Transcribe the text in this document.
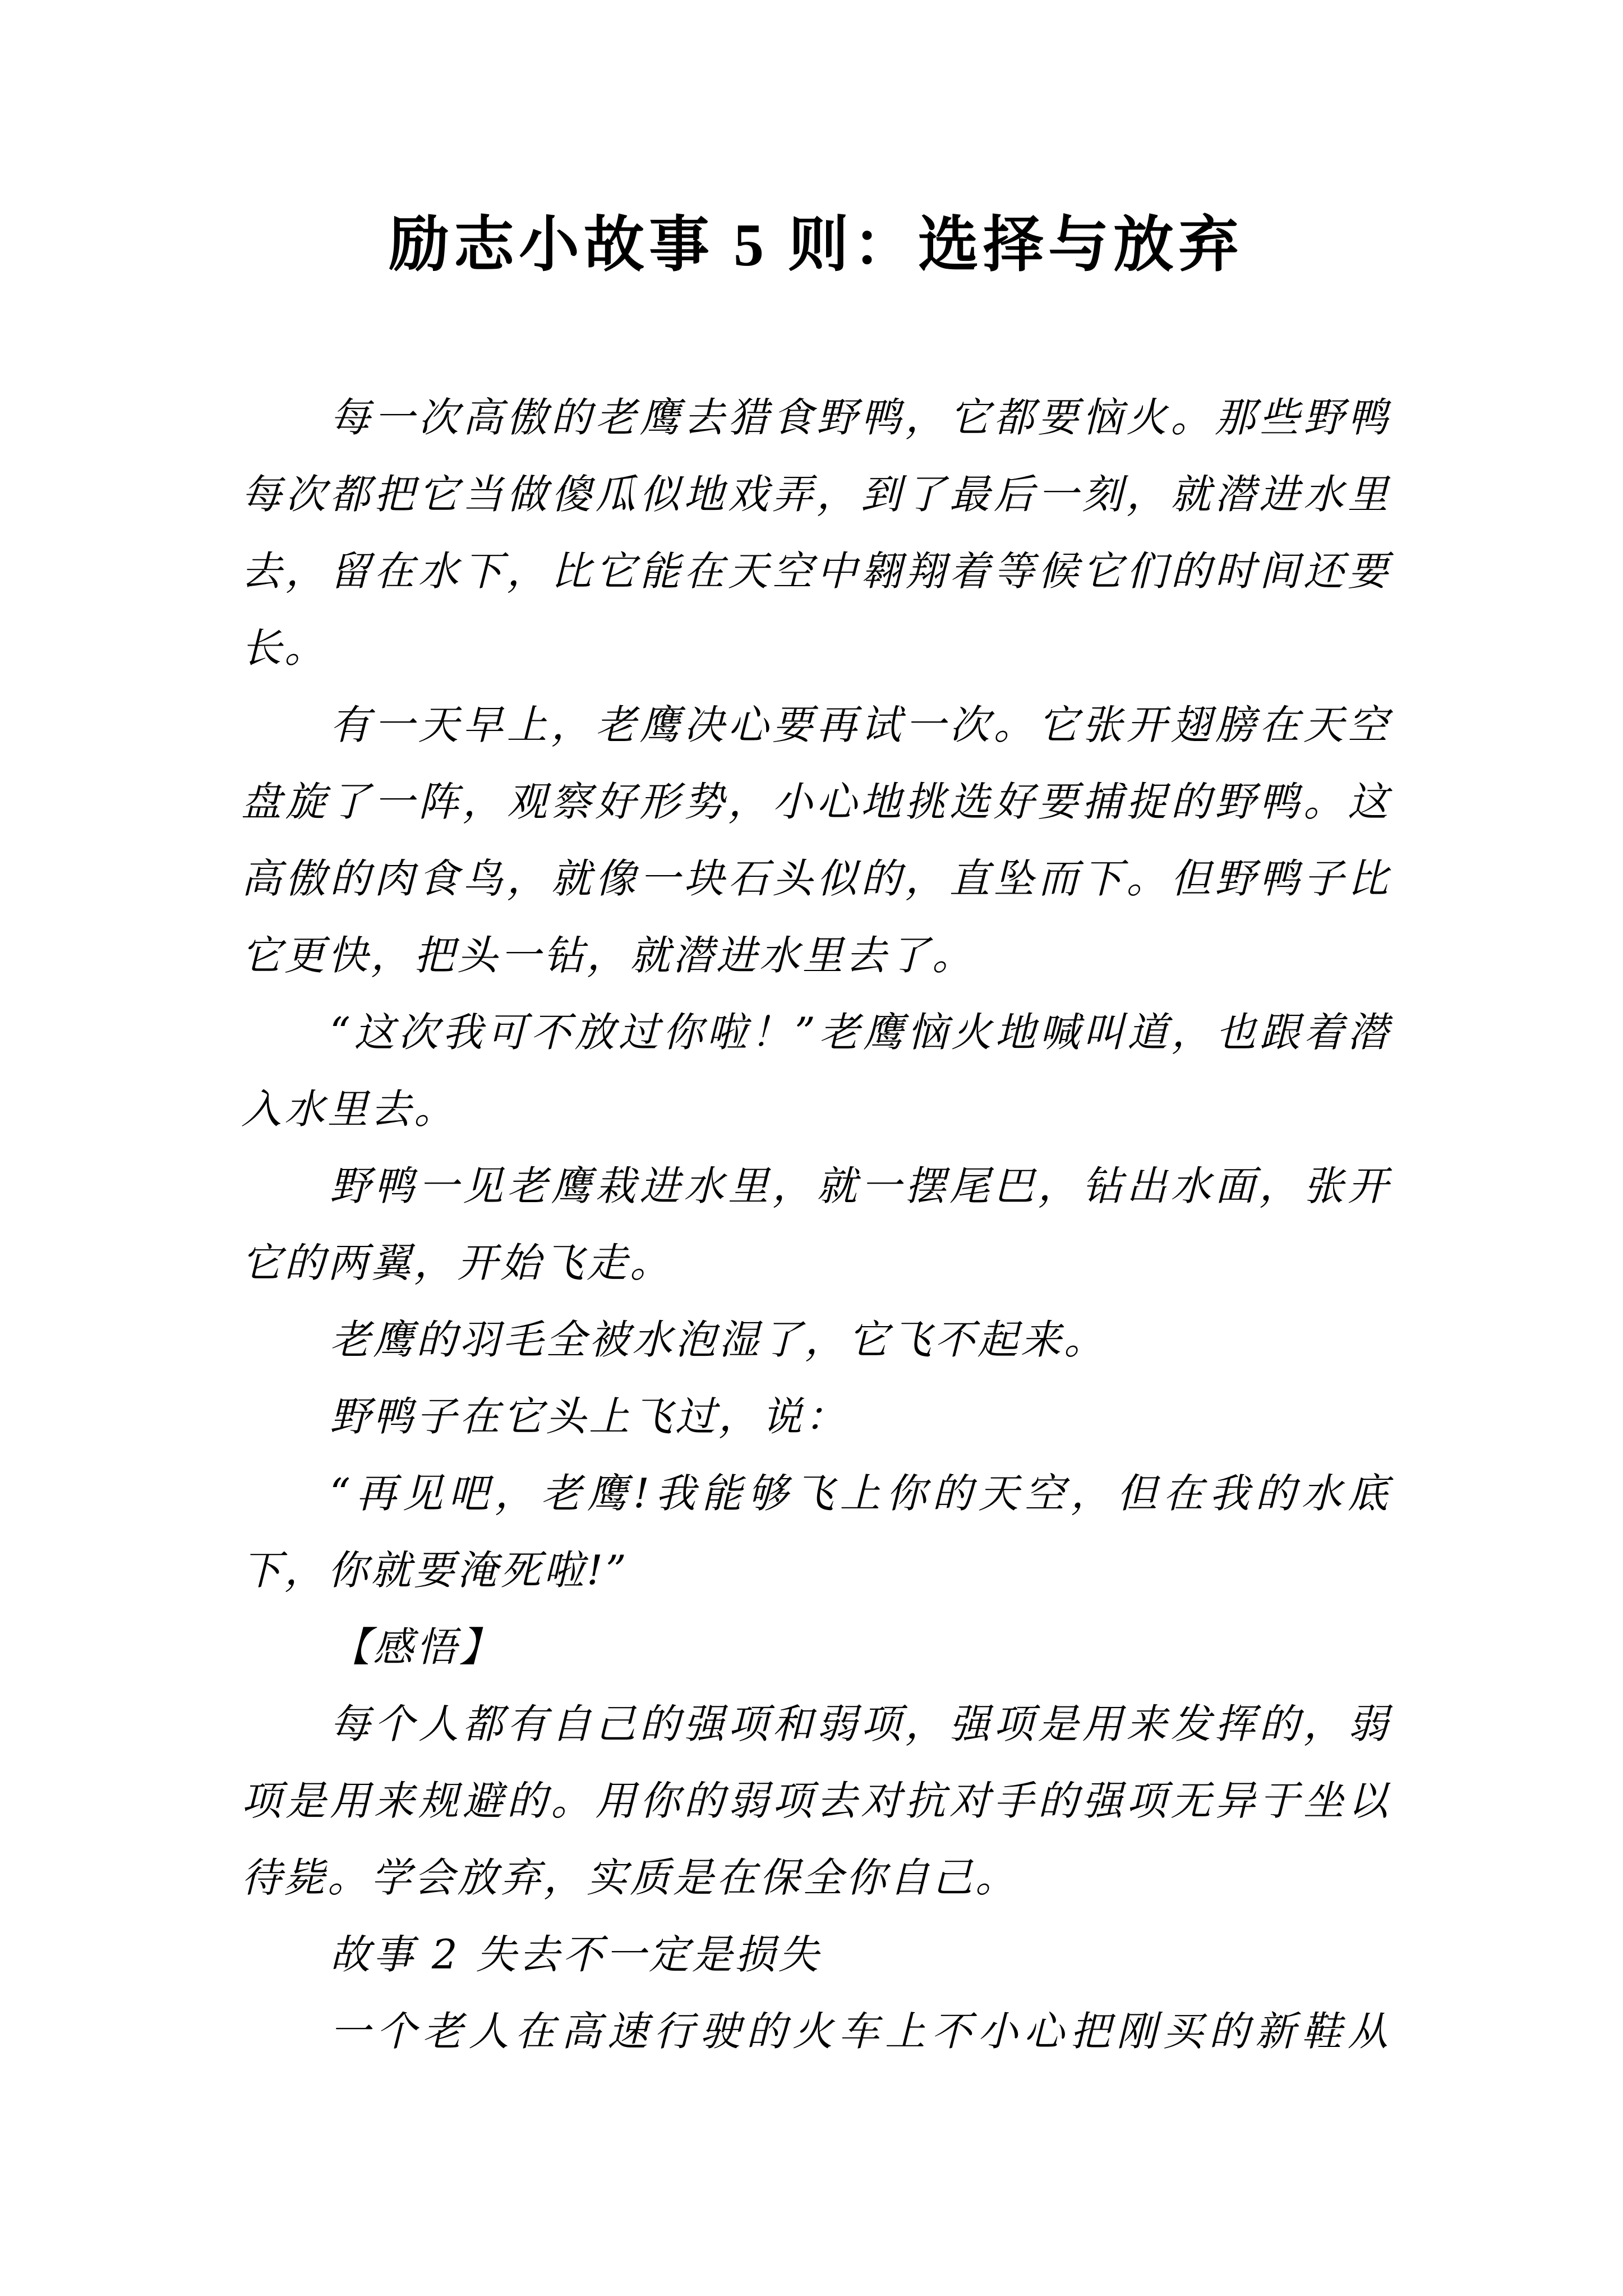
励志小故事 5 则：选择与放弃

每一次高傲的老鹰去猎食野鸭，它都要恼火。那些野鸭每次都把它当做傻瓜似地戏弄，到了最后一刻，就潜进水里去，留在水下，比它能在天空中翱翔着等候它们的时间还要长。

有一天早上，老鹰决心要再试一次。它张开翅膀在天空盘旋了一阵，观察好形势，小心地挑选好要捕捉的野鸭。这高傲的肉食鸟，就像一块石头似的，直坠而下。但野鸭子比它更快，把头一钻，就潜进水里去了。

“这次我可不放过你啦！”老鹰恼火地喊叫道，也跟着潜入水里去。

野鸭一见老鹰栽进水里，就一摆尾巴，钻出水面，张开它的两翼，开始飞走。

老鹰的羽毛全被水泡湿了，它飞不起来。

野鸭子在它头上飞过，说：

“再见吧，老鹰!我能够飞上你的天空，但在我的水底下，你就要淹死啦!”

【感悟】

每个人都有自己的强项和弱项，强项是用来发挥的，弱项是用来规避的。用你的弱项去对抗对手的强项无异于坐以待毙。学会放弃，实质是在保全你自己。

故事 2 失去不一定是损失

一个老人在高速行驶的火车上不小心把刚买的新鞋从
